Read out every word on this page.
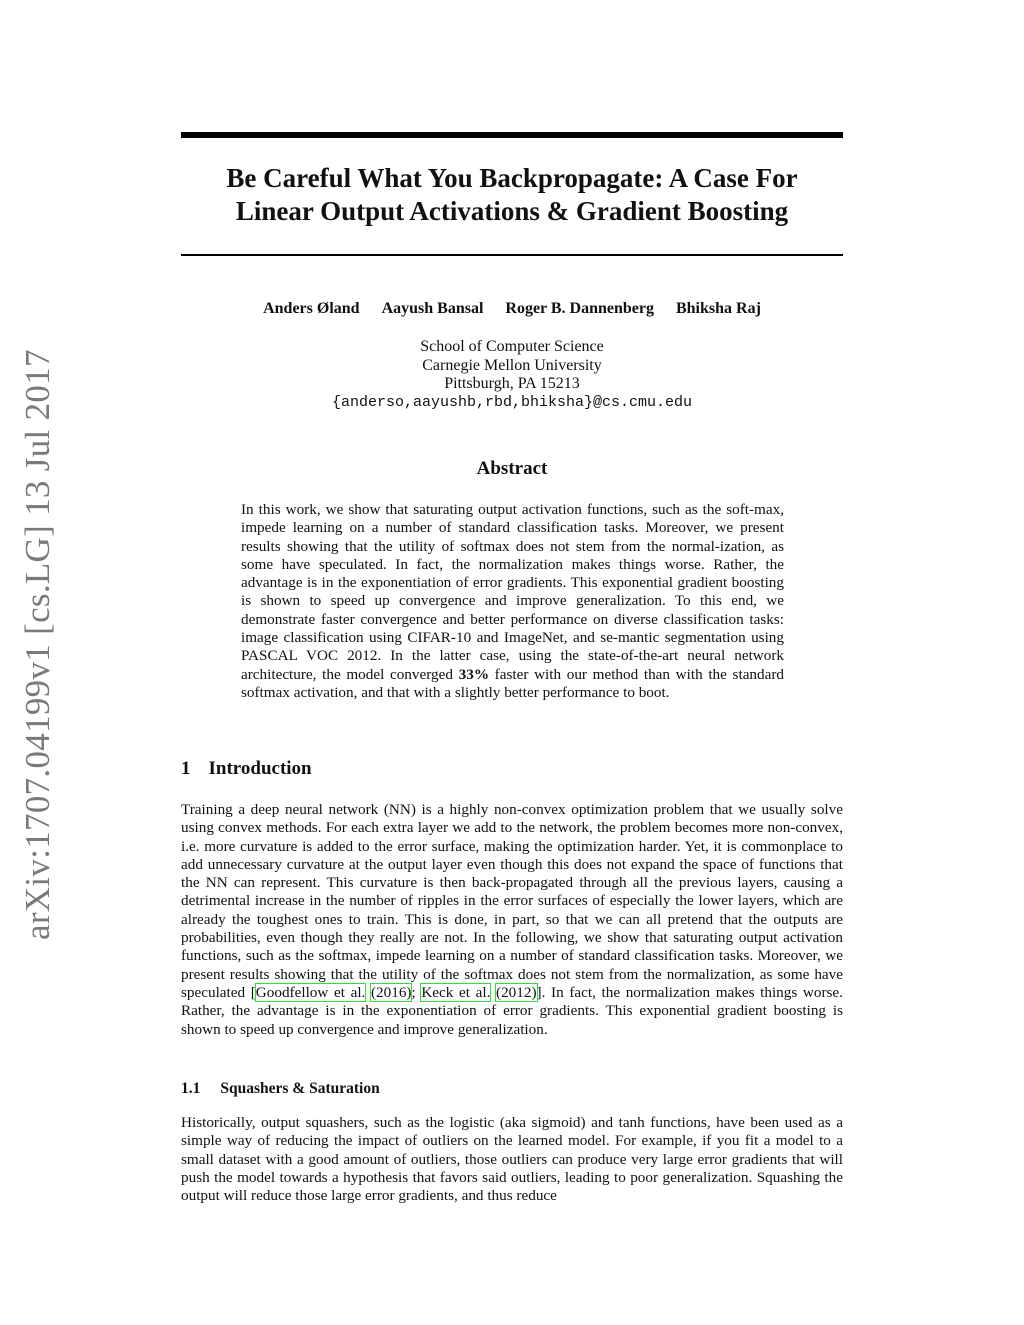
arXiv:1707.04199v1 [cs.LG] 13 Jul 2017
Be Careful What You Backpropagate: A Case For
Linear Output Activations & Gradient Boosting
Anders Øland Aayush Bansal Roger B. Dannenberg Bhiksha Raj
School of Computer Science
Carnegie Mellon University
Pittsburgh, PA 15213
{anderso,aayushb,rbd,bhiksha}@cs.cmu.edu
Abstract
In this work, we show that saturating output activation functions, such as the soft-max, impede learning on a number of standard classification tasks. Moreover, we present results showing that the utility of softmax does not stem from the normal-ization, as some have speculated. In fact, the normalization makes things worse. Rather, the advantage is in the exponentiation of error gradients. This exponential gradient boosting is shown to speed up convergence and improve generalization. To this end, we demonstrate faster convergence and better performance on diverse classification tasks: image classification using CIFAR-10 and ImageNet, and se-mantic segmentation using PASCAL VOC 2012. In the latter case, using the state-of-the-art neural network architecture, the model converged 33% faster with our method than with the standard softmax activation, and that with a slightly better performance to boot.
1 Introduction
Training a deep neural network (NN) is a highly non-convex optimization problem that we usually solve using convex methods. For each extra layer we add to the network, the problem becomes more non-convex, i.e. more curvature is added to the error surface, making the optimization harder. Yet, it is commonplace to add unnecessary curvature at the output layer even though this does not expand the space of functions that the NN can represent. This curvature is then back-propagated through all the previous layers, causing a detrimental increase in the number of ripples in the error surfaces of especially the lower layers, which are already the toughest ones to train. This is done, in part, so that we can all pretend that the outputs are probabilities, even though they really are not. In the following, we show that saturating output activation functions, such as the softmax, impede learning on a number of standard classification tasks. Moreover, we present results showing that the utility of the softmax does not stem from the normalization, as some have speculated [Goodfellow et al. (2016); Keck et al. (2012)]. In fact, the normalization makes things worse. Rather, the advantage is in the exponentiation of error gradients. This exponential gradient boosting is shown to speed up convergence and improve generalization.
1.1 Squashers & Saturation
Historically, output squashers, such as the logistic (aka sigmoid) and tanh functions, have been used as a simple way of reducing the impact of outliers on the learned model. For example, if you fit a model to a small dataset with a good amount of outliers, those outliers can produce very large error gradients that will push the model towards a hypothesis that favors said outliers, leading to poor generalization. Squashing the output will reduce those large error gradients, and thus reduce
